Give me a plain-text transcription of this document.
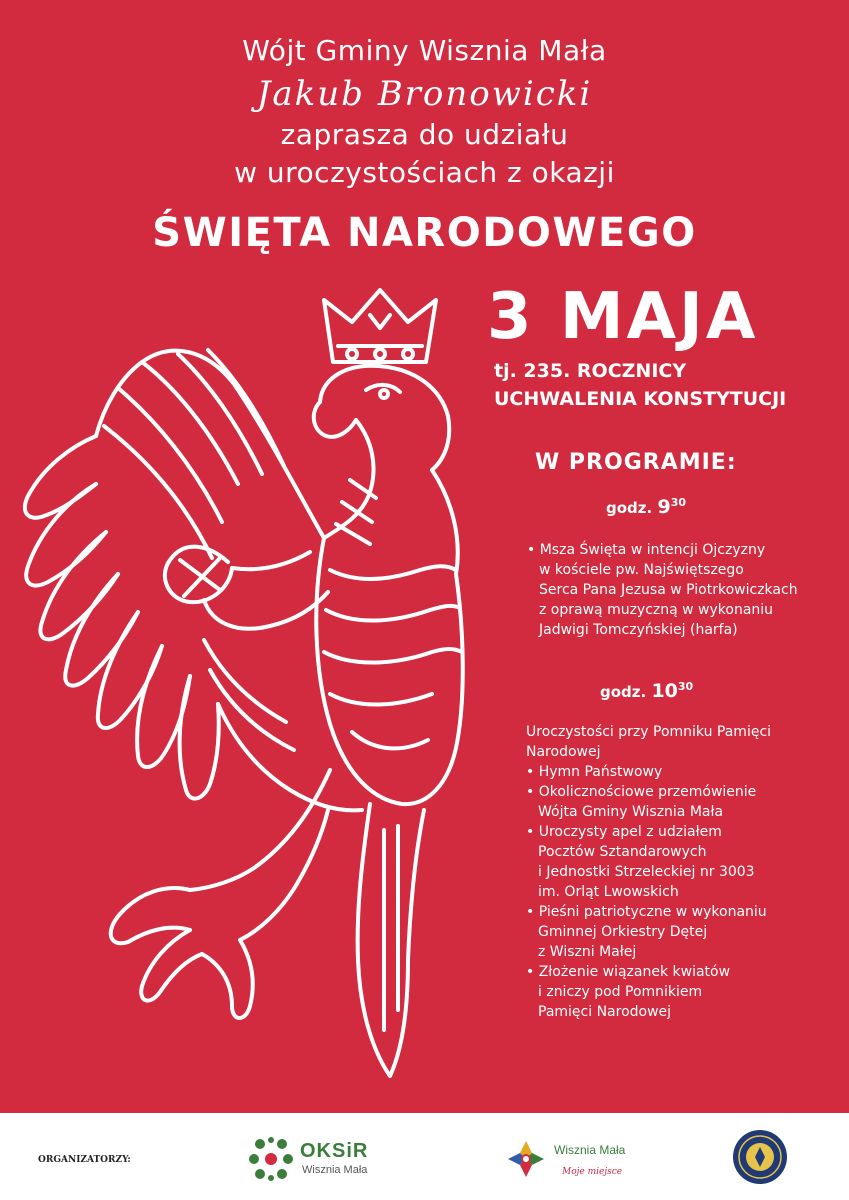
Wójt Gminy Wisznia Mała
Jakub Bronowicki
zaprasza do udziału
w uroczystościach z okazji
ŚWIĘTA NARODOWEGO
3 MAJA
tj. 235. ROCZNICY
UCHWALENIA KONSTYTUCJI
W PROGRAMIE:
godz. $9^{30}$
• Msza Święta w intencji Ojczyzny
w kościele pw. Najświętszego
Serca Pana Jezusa w Piotrkowiczkach
z oprawą muzyczną w wykonaniu
Jadwigi Tomczyńskiej (harfa)
godz. $10^{30}$
Uroczystości przy Pomniku Pamięci
Narodowej
• Hymn Państwowy
• Okolicznościowe przemówienie
Wójta Gminy Wisznia Mała
• Uroczysty apel z udziałem
Pocztów Sztandarowych
i Jednostki Strzeleckiej nr 3003
im. Orląt Lwowskich
• Pieśni patriotyczne w wykonaniu
Gminnej Orkiestry Dętej
z Wiszni Małej
• Złożenie wiązanek kwiatów
i zniczy pod Pomnikiem
Pamięci Narodowej
ORGANIZATORZY:	OKSiR
Wisznia Mała
Wisznia Mała
Moje miejsce
